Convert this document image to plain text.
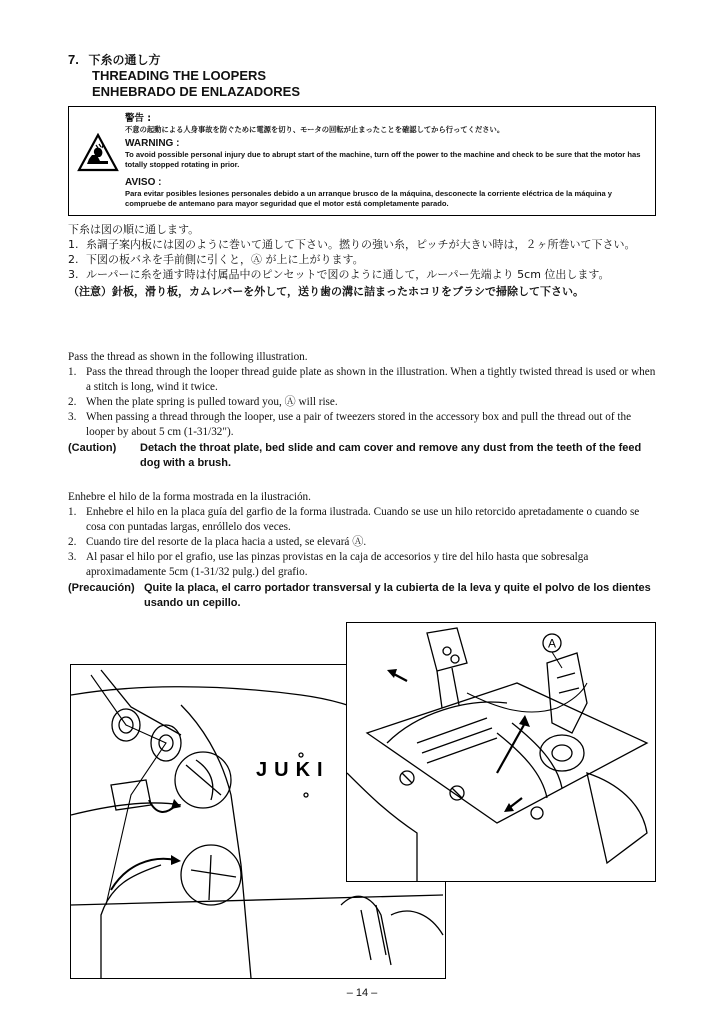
7. 下糸の通し方
THREADING THE LOOPERS
ENHEBRADO DE ENLAZADORES
警告 :
不意の起動による人身事故を防ぐために電源を切り、モータの回転が止まったことを確認してから行ってください。
WARNING :
To avoid possible personal injury due to abrupt start of the machine, turn off the power to the machine and check to be sure that the motor has totally stopped rotating in prior.
AVISO :
Para evitar posibles lesiones personales debido a un arranque brusco de la máquina, desconecte la corriente eléctrica de la máquina y compruebe de antemano para mayor seguridad que el motor está completamente parado.
下糸は図の順に通します。
1. 糸調子案内板には図のように巻いて通して下さい。撚りの強い糸，ピッチが大きい時は，２ヶ所巻いて下さい。
2. 下図の板バネを手前側に引くと，Ⓐ が上に上がります。
3. ルーパーに糸を通す時は付属品中のピンセットで図のように通して，ルーパー先端より 5cm 位出します。
（注意）針板，滑り板，カムレバーを外して，送り歯の溝に詰まったホコリをブラシで掃除して下さい。
Pass the thread as shown in the following illustration.
1. Pass the thread through the looper thread guide plate as shown in the illustration. When a tightly twisted thread is used or when a stitch is long, wind it twice.
2. When the plate spring is pulled toward you, Ⓐ will rise.
3. When passing a thread through the looper, use a pair of tweezers stored in the accessory box and pull the thread out of the looper by about 5 cm (1-31/32").
(Caution) Detach the throat plate, bed slide and cam cover and remove any dust from the teeth of the feed dog with a brush.
Enhebre el hilo de la forma mostrada en la ilustración.
1. Enhebre el hilo en la placa guía del garfio de la forma ilustrada. Cuando se use un hilo retorcido apretadamente o cuando se cosa con puntadas largas, enróllelo dos veces.
2. Cuando tire del resorte de la placa hacia a usted, se elevará Ⓐ.
3. Al pasar el hilo por el grafio, use las pinzas provistas en la caja de accesorios y tire del hilo hasta que sobresalga aproximadamente 5cm (1-31/32 pulg.) del grafio.
(Precaución) Quite la placa, el carro portador transversal y la cubierta de la leva y quite el polvo de los dientes usando un cepillo.
JUKI
A
– 14 –
